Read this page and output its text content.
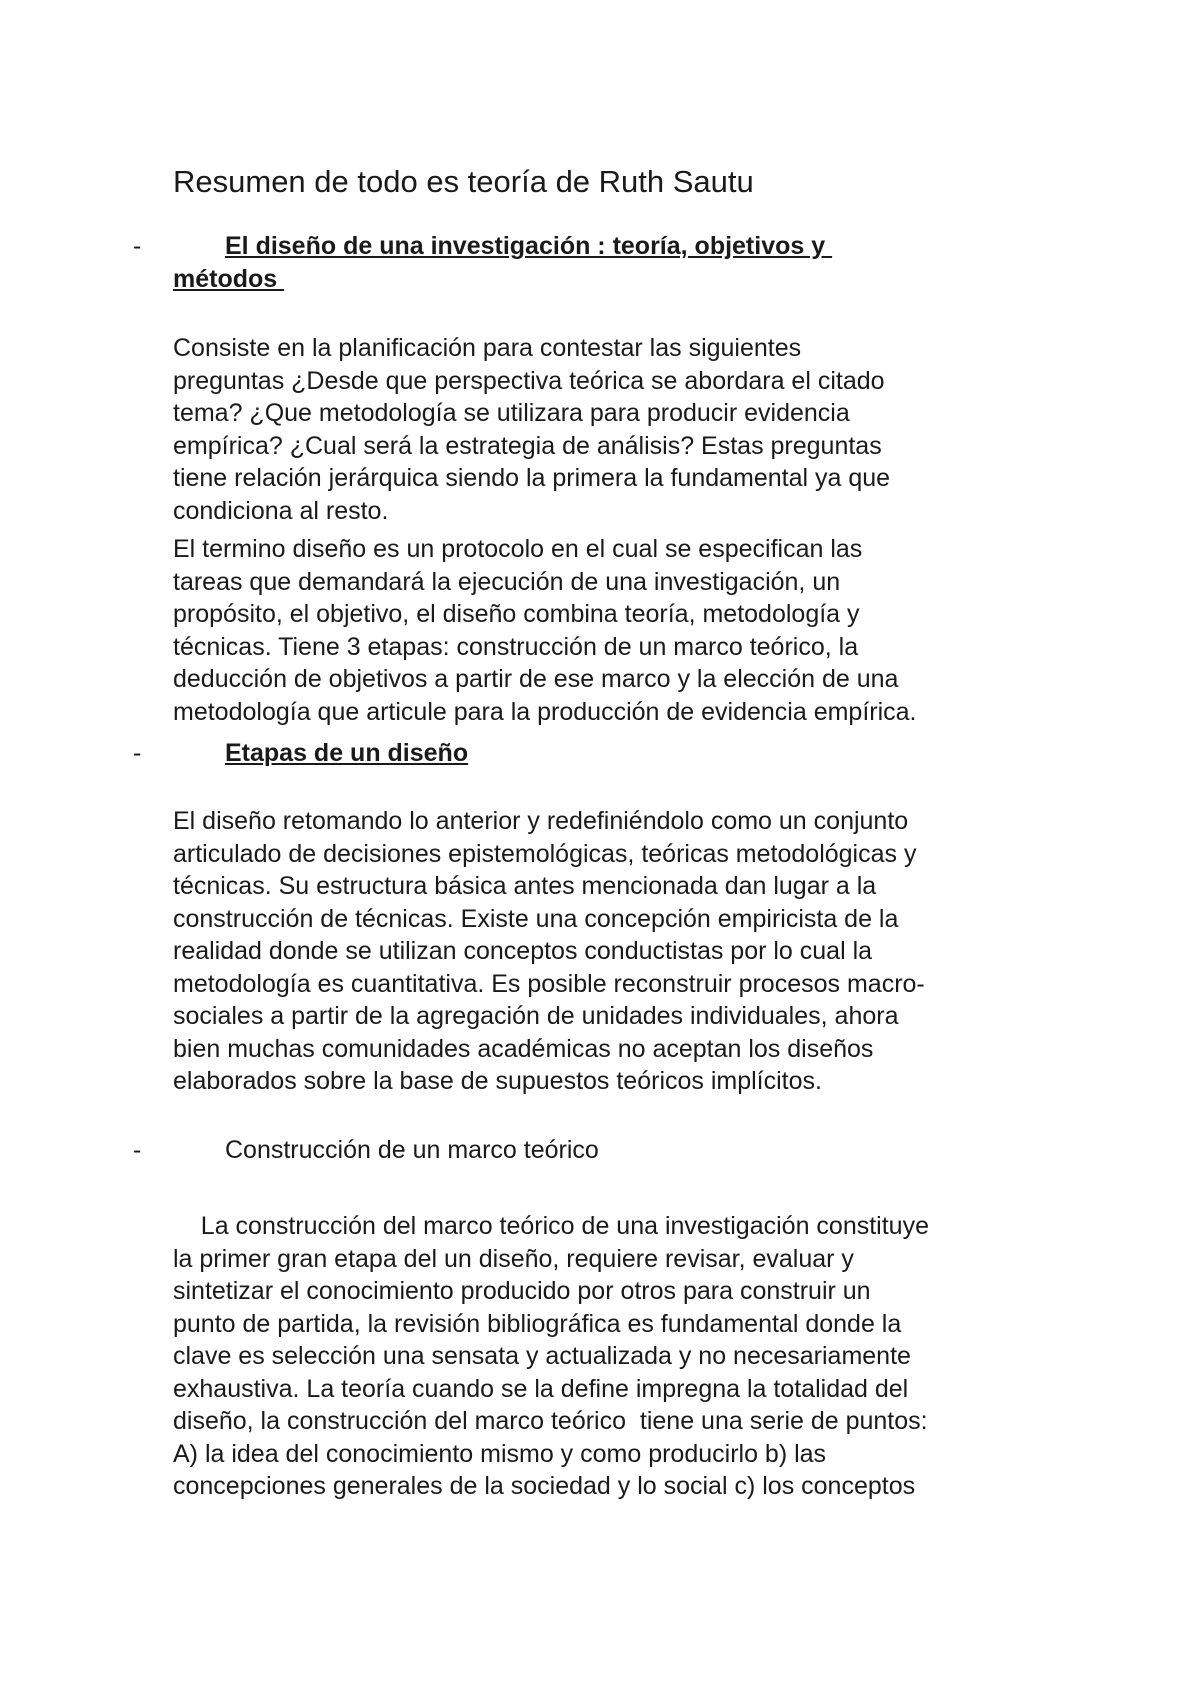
Resumen de todo es teoría de Ruth Sautu
-	El diseño de una investigación : teoría, objetivos y
métodos

Consiste en la planificación para contestar las siguientes
preguntas ¿Desde que perspectiva teórica se abordara el citado
tema? ¿Que metodología se utilizara para producir evidencia
empírica? ¿Cual será la estrategia de análisis? Estas preguntas
tiene relación jerárquica siendo la primera la fundamental ya que
condiciona al resto.

El termino diseño es un protocolo en el cual se especifican las
tareas que demandará la ejecución de una investigación, un
propósito, el objetivo, el diseño combina teoría, metodología y
técnicas. Tiene 3 etapas: construcción de un marco teórico, la
deducción de objetivos a partir de ese marco y la elección de una
metodología que articule para la producción de evidencia empírica.

-	Etapas de un diseño

El diseño retomando lo anterior y redefiniéndolo como un conjunto
articulado de decisiones epistemológicas, teóricas metodológicas y
técnicas. Su estructura básica antes mencionada dan lugar a la
construcción de técnicas. Existe una concepción empiricista de la
realidad donde se utilizan conceptos conductistas por lo cual la
metodología es cuantitativa. Es posible reconstruir procesos macro-
sociales a partir de la agregación de unidades individuales, ahora
bien muchas comunidades académicas no aceptan los diseños
elaborados sobre la base de supuestos teóricos implícitos.

-	Construcción de un marco teórico

La construcción del marco teórico de una investigación constituye
la primer gran etapa del un diseño, requiere revisar, evaluar y
sintetizar el conocimiento producido por otros para construir un
punto de partida, la revisión bibliográfica es fundamental donde la
clave es selección una sensata y actualizada y no necesariamente
exhaustiva. La teoría cuando se la define impregna la totalidad del
diseño, la construcción del marco teórico  tiene una serie de puntos:
A) la idea del conocimiento mismo y como producirlo b) las
concepciones generales de la sociedad y lo social c) los conceptos
